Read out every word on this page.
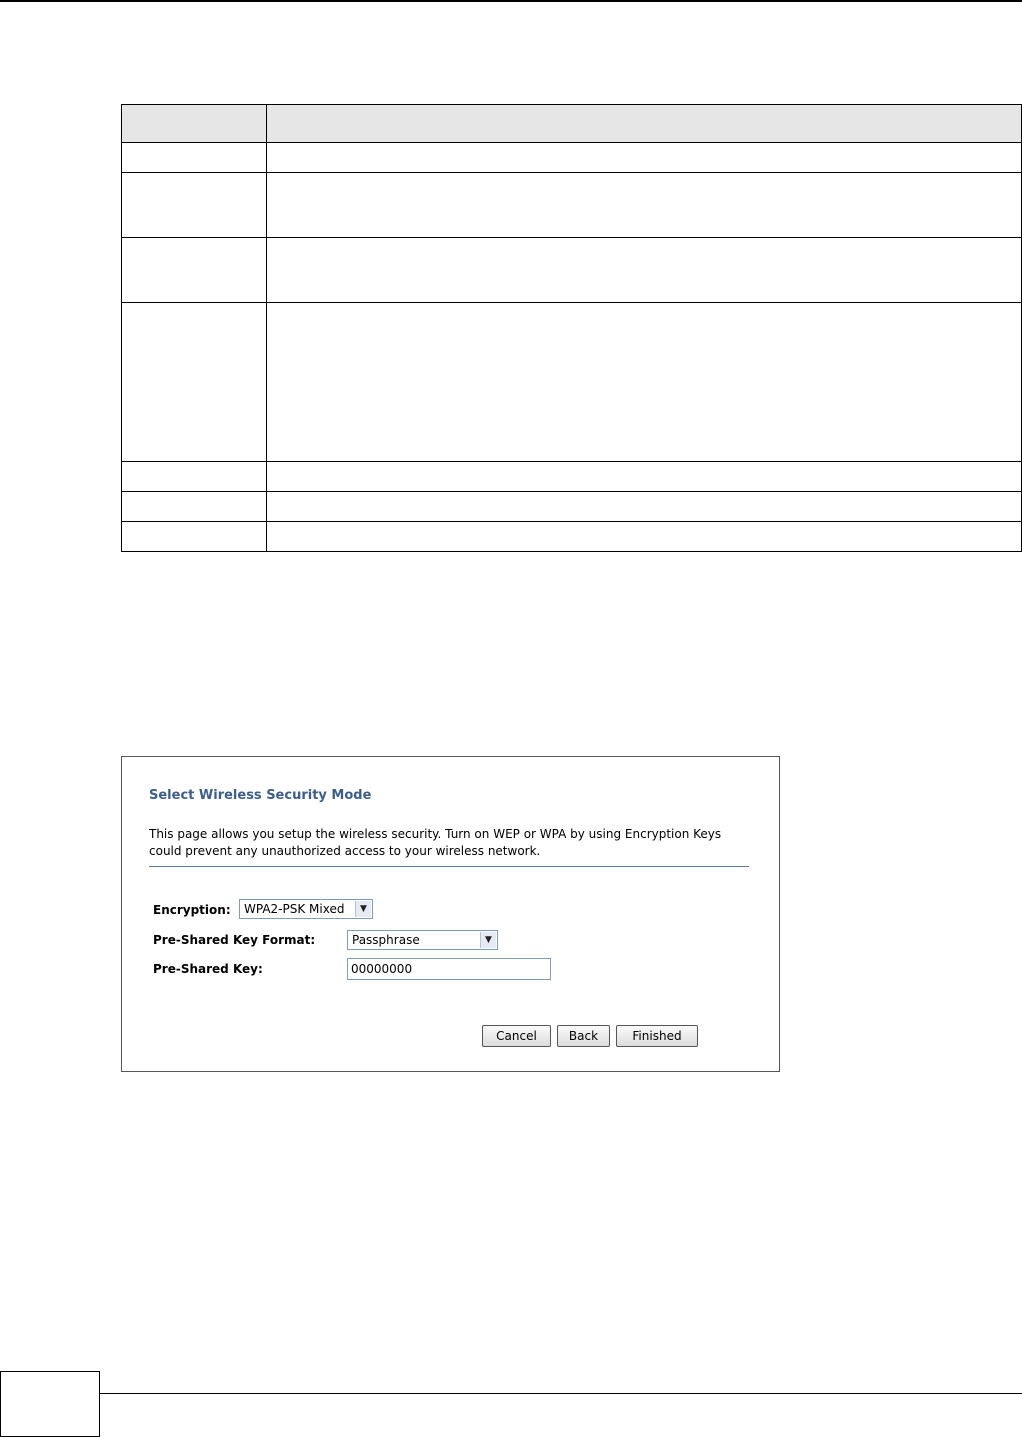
Select Wireless Security Mode

This page allows you setup the wireless security. Turn on WEP or WPA by using Encryption Keys could prevent any unauthorized access to your wireless network.

Encryption:	WPA2-PSK Mixed	▼
Pre-Shared Key Format:	Passphrase	▼
Pre-Shared Key:
00000000
Cancel	Back	Finished
